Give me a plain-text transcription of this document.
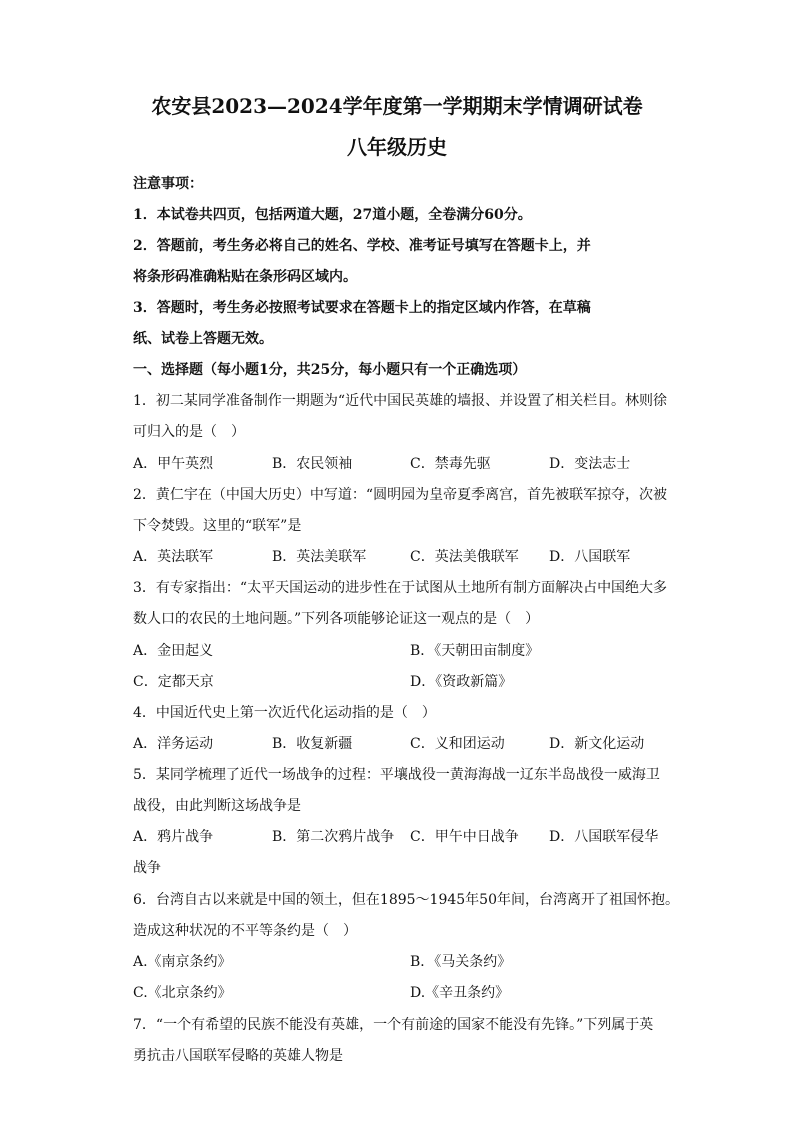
农安县2023—2024学年度第一学期期末学情调研试卷
八年级历史
注意事项：
1．本试卷共四页，包括两道大题，27道小题，全卷满分60分。
2．答题前，考生务必将自己的姓名、学校、准考证号填写在答题卡上，并
将条形码准确粘贴在条形码区域内。
3．答题时，考生务必按照考试要求在答题卡上的指定区域内作答，在草稿
纸、试卷上答题无效。
一、选择题（每小题1分，共25分，每小题只有一个正确选项）
1．初二某同学准备制作一期题为“近代中国民英雄的墙报、并设置了相关栏目。林则徐
可归入的是（　）
A．甲午英烈	B．农民领袖	C．禁毒先驱	D．变法志士
2．黄仁宇在（中国大历史）中写道：“圆明园为皇帝夏季离宫，首先被联军掠夺，次被
下令焚毁。这里的“联军”是
A．英法联军	B．英法美联军	C．英法美俄联军 D．八国联军
3．有专家指出：“太平天国运动的进步性在于试图从土地所有制方面解决占中国绝大多
数人口的农民的土地问题。”下列各项能够论证这一观点的是（　）
A．金田起义	B．《天朝田亩制度》
C．定都天京	D．《资政新篇》
4．中国近代史上第一次近代化运动指的是（　）
A．洋务运动	B．收复新疆	C．义和团运动	D．新文化运动
5．某同学梳理了近代一场战争的过程：平壤战役一黄海海战一辽东半岛战役一威海卫
战役，由此判断这场战争是
A．鸦片战争	B．第二次鸦片战争 C．甲午中日战争 D．八国联军侵华
战争
6．台湾自古以来就是中国的领土，但在1895～1945年50年间，台湾离开了祖国怀抱。
造成这种状况的不平等条约是（　）
A.《南京条约》	B．《马关条约》
C.《北京条约》	D.《辛丑条约》
7．“一个有希望的民族不能没有英雄，一个有前途的国家不能没有先锋。”下列属于英
勇抗击八国联军侵略的英雄人物是
